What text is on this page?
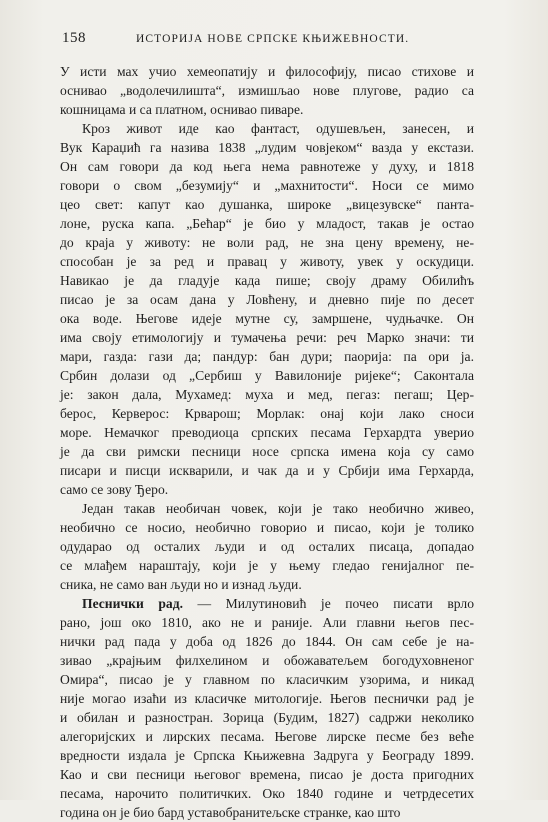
158	ИСТОРИЈА НОВЕ СРПСКЕ КЊИЖЕВНОСТИ.

У исти мах учио хемеопатију и философију, писао стихове и
оснивао „водолечилишта“, измишљао нове плугове, радио са
кошницама и са платном, оснивао пиваре.

Кроз живот иде као фантаст, одушевљен, занесен, и
Вук Караџић га назива 1838 „лудим човјеком“ вазда у екстази.
Он сам говори да код њега нема равнотеже у духу, и 1818
говори о свом „безумију“ и „махнитости“. Носи се мимо
цео свет: капут као душанка, широке „вицезувске“ панта-
лоне, руска капа. „Бећар“ је био у младост, такав је остао
до краја у животу: не воли рад, не зна цену времену, не-
способан је за ред и правац у животу, увек у оскудици.
Навикао је да гладује када пише; своју драму Обилићъ
писао је за осам дана у Ловћену, и дневно пије по десет
ока воде. Његове идеје мутне су, замршене, чудњачке. Он
има своју етимологију и тумачења речи: реч Марко значи: ти
мари, газда: гази да; пандур: бан дури; паорија: па ори ја.
Србин долази од „Сербиш у Вавилоније ријеке“; Саконтала
је: закон дала, Мухамед: муха и мед, пегаз: пегаш; Цер-
берос, Керверос: Крварош; Морлак: онај који лако сноси
море. Немачког преводиоца српских песама Герхардта уверио
је да сви римски песници носе српска имена која су само
писари и писци искварили, и чак да и у Србији има Герхарда,
само се зову Ђеро.

Један такав необичан човек, који је тако необично живео,
необично се носио, необично говорио и писао, који је толико
одударао од осталих људи и од осталих писаца, допадао
се млађем нараштају, који је у њему гледао генијалног пе-
сника, не само ван људи но и изнад људи.

Песнички рад. — Милутиновић је почео писати врло
рано, још око 1810, ако не и раније. Али главни његов пес-
нички рад пада у доба од 1826 до 1844. Он сам себе је на-
зивао „крајњим филхелином и обожаватељем богодуховненог
Омира“, писао је у главном по класичким узорима, и никад
није могао изаћи из класичке митологије. Његов песнички рад је
и обилан и разностран. Зорица (Будим, 1827) садржи неколико
алегоријских и лирских песама. Његове лирске песме без веће
вредности издала је Српска Књижевна Задруга у Београду 1899.
Као и сви песници његовог времена, писао је доста пригодних
песама, нарочито политичких. Око 1840 године и четрдесетих
година он је био бард уставобранитељске странке, као што
